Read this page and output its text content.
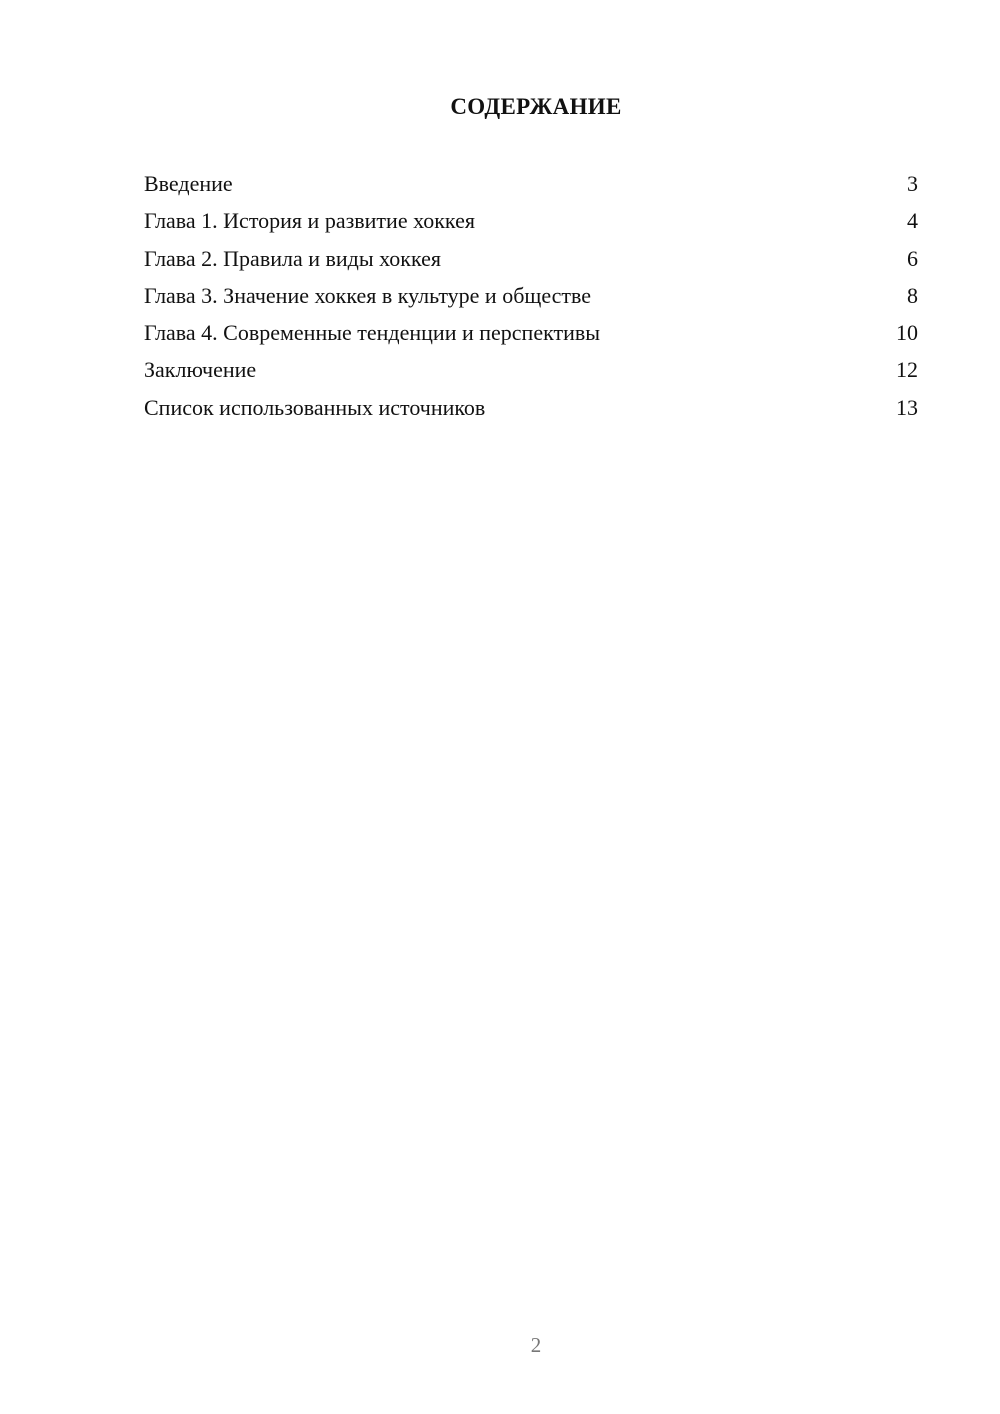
СОДЕРЖАНИЕ
Введение	3
Глава 1. История и развитие хоккея	4
Глава 2. Правила и виды хоккея	6
Глава 3. Значение хоккея в культуре и обществе	8
Глава 4. Современные тенденции и перспективы	10
Заключение	12
Список использованных источников	13
2
